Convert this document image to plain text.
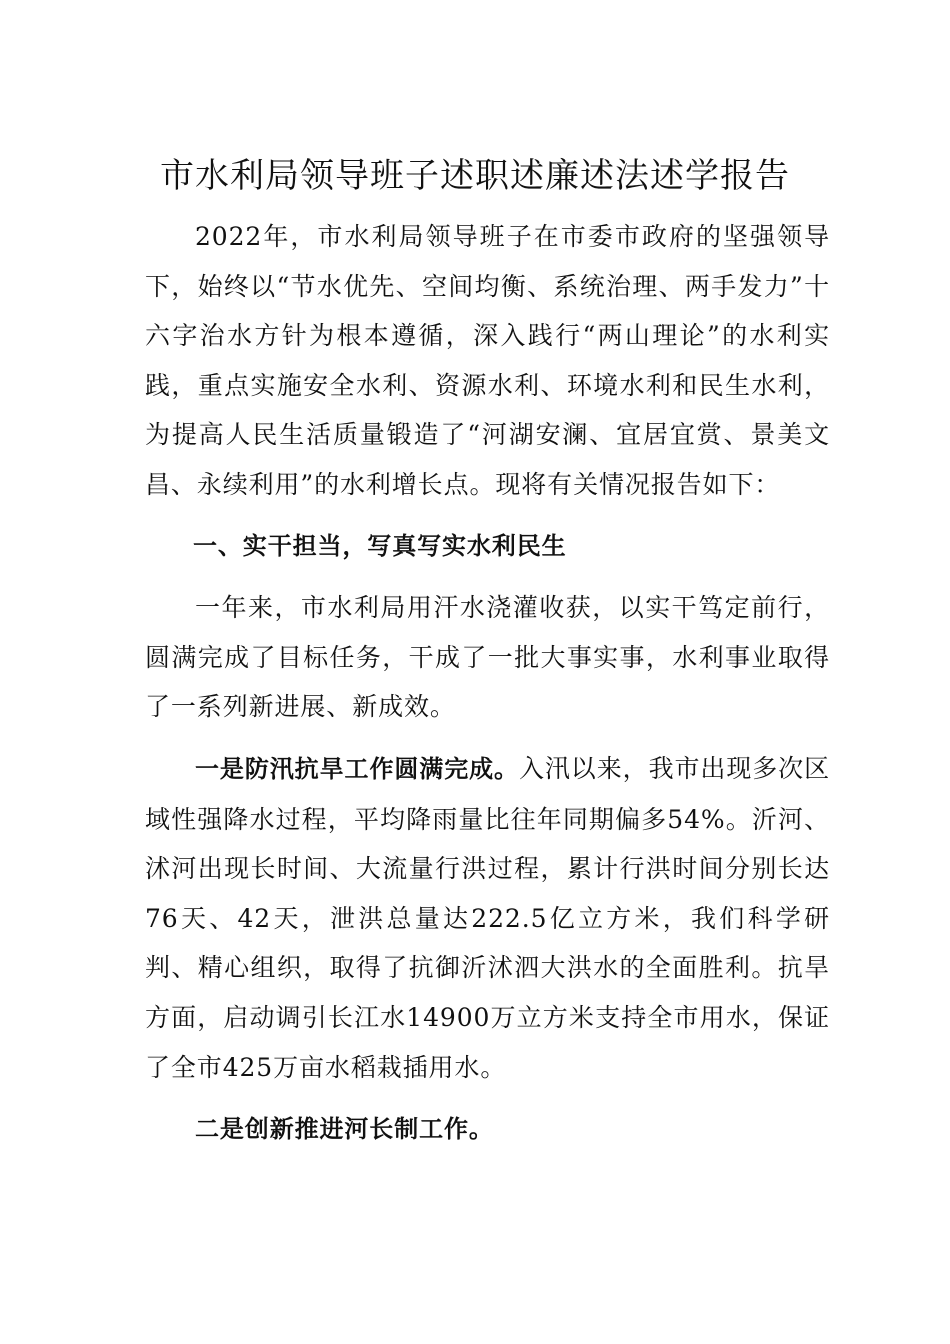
市水利局领导班子述职述廉述法述学报告

2022年，市水利局领导班子在市委市政府的坚强领导下，始终以“节水优先、空间均衡、系统治理、两手发力”十六字治水方针为根本遵循，深入践行“两山理论”的水利实践，重点实施安全水利、资源水利、环境水利和民生水利，为提高人民生活质量锻造了“河湖安澜、宜居宜赏、景美文昌、永续利用”的水利增长点。现将有关情况报告如下：

一、实干担当，写真写实水利民生

一年来，市水利局用汗水浇灌收获，以实干笃定前行，圆满完成了目标任务，干成了一批大事实事，水利事业取得了一系列新进展、新成效。

一是防汛抗旱工作圆满完成。入汛以来，我市出现多次区域性强降水过程，平均降雨量比往年同期偏多54%。沂河、沭河出现长时间、大流量行洪过程，累计行洪时间分别长达76天、42天，泄洪总量达222.5亿立方米，我们科学研判、精心组织，取得了抗御沂沭泗大洪水的全面胜利。抗旱方面，启动调引长江水14900万立方米支持全市用水，保证了全市425万亩水稻栽插用水。

二是创新推进河长制工作。
